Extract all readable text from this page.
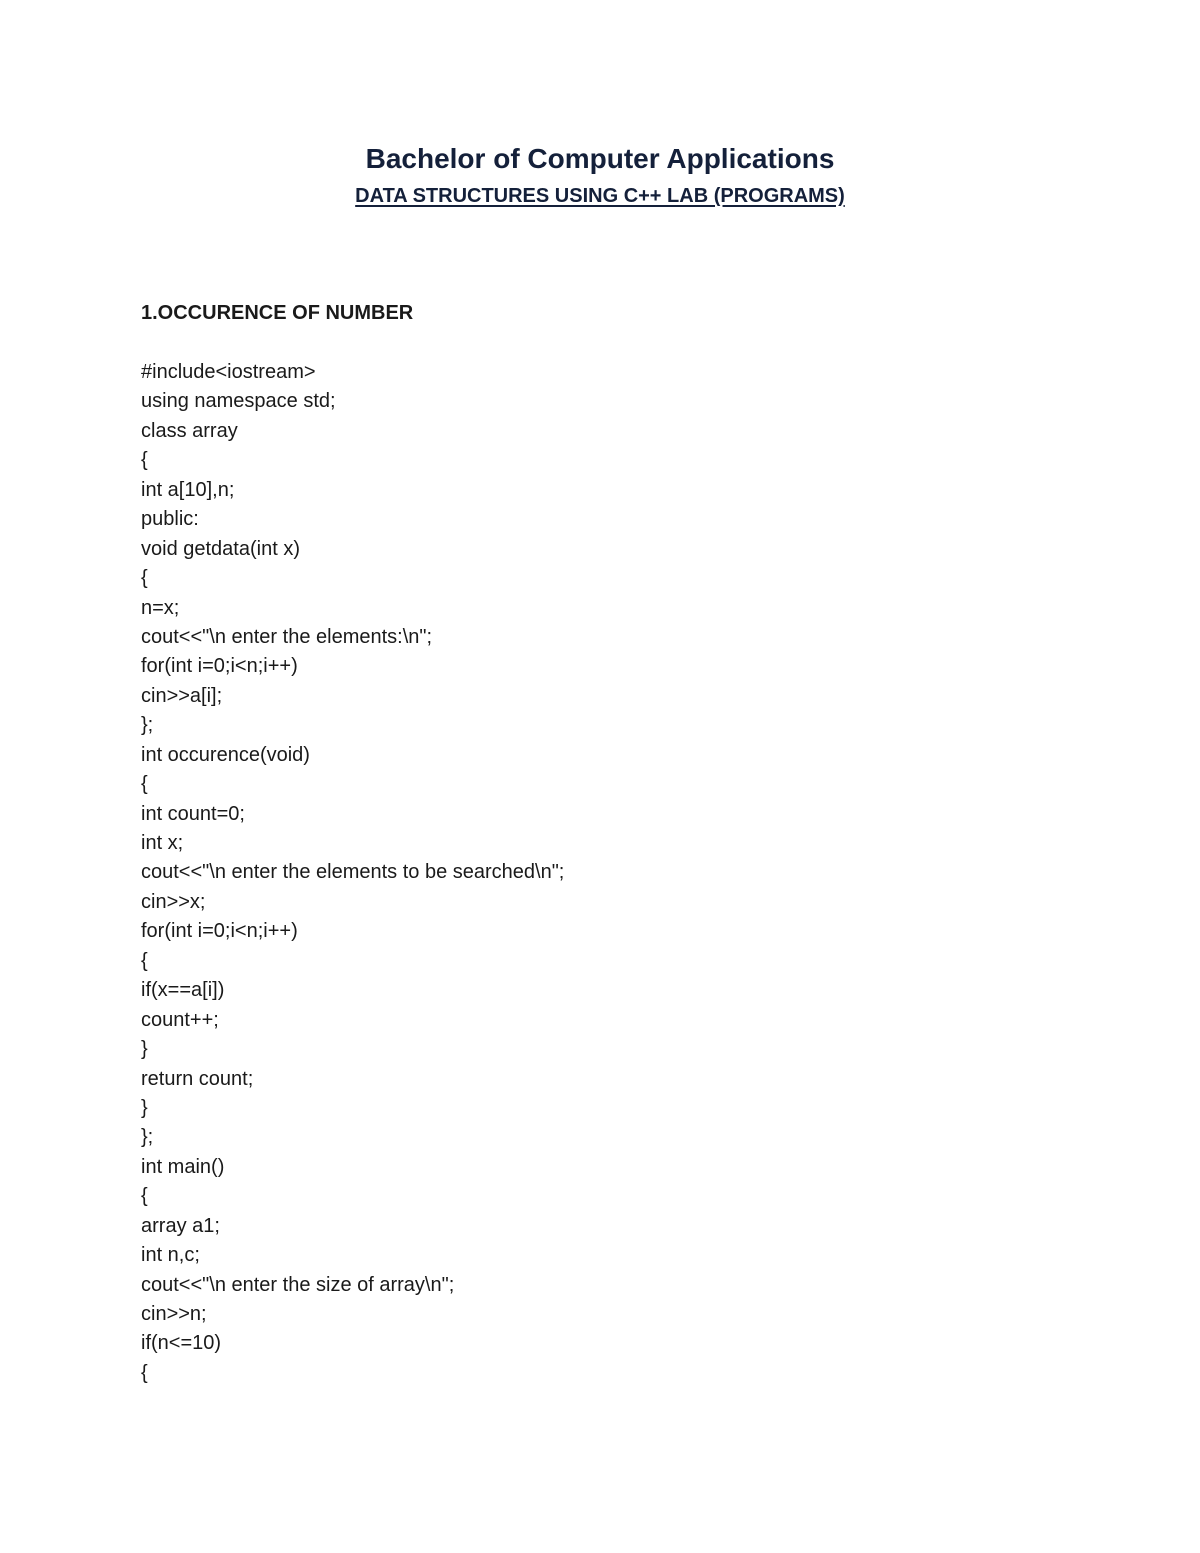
Bachelor of Computer Applications
DATA STRUCTURES USING C++ LAB (PROGRAMS)
1.OCCURENCE OF NUMBER
#include<iostream>
using namespace std;
class array
{
int a[10],n;
public:
void getdata(int x)
{
n=x;
cout<<"\n enter the elements:\n";
for(int i=0;i<n;i++)
cin>>a[i];
};
int occurence(void)
{
int count=0;
int x;
cout<<"\n enter the elements to be searched\n";
cin>>x;
for(int i=0;i<n;i++)
{
if(x==a[i])
count++;
}
return count;
}
};
int main()
{
array a1;
int n,c;
cout<<"\n enter the size of array\n";
cin>>n;
if(n<=10)
{
